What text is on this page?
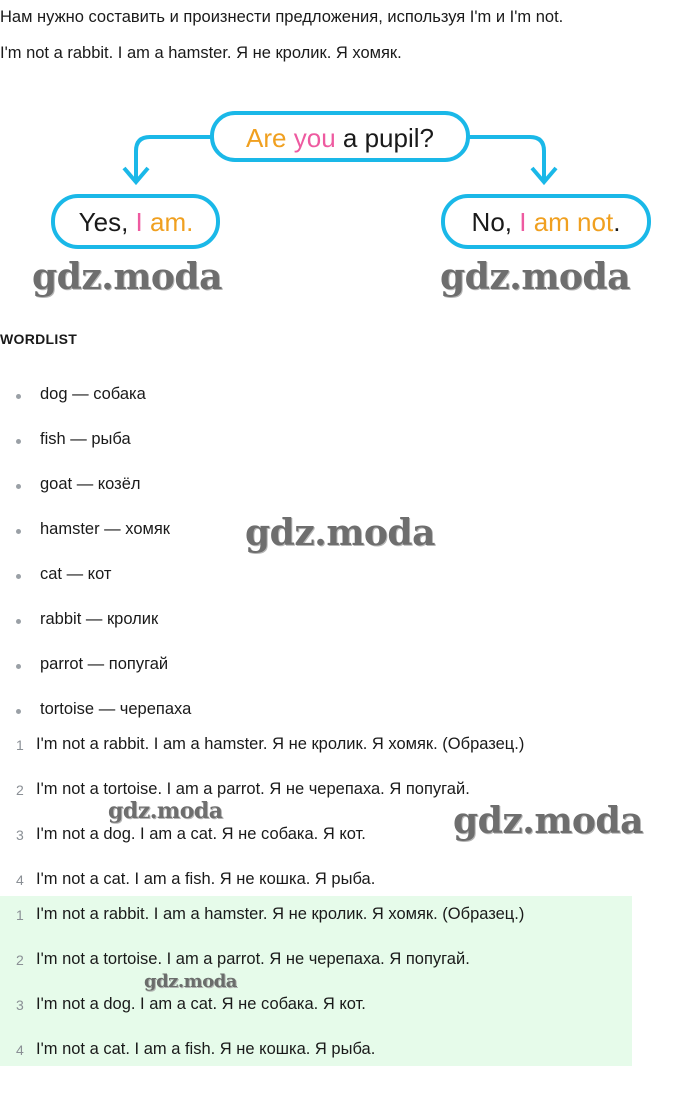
Нам нужно составить и произнести предложения, используя I'm и I'm not.
I'm not a rabbit. I am a hamster. Я не кролик. Я хомяк.
Are you a pupil?
Yes, I am.	No, I am not.
gdz.moda	gdz.moda
WORDLIST
dog — собака
fish — рыба
goat — козёл
hamster — хомяк
cat — кот
rabbit — кролик
parrot — попугай
tortoise — черепаха
gdz.moda
1 I'm not a rabbit. I am a hamster. Я не кролик. Я хомяк. (Образец.)
2 I'm not a tortoise. I am a parrot. Я не черепаха. Я попугай.
3 I'm not a dog. I am a cat. Я не собака. Я кот.
4 I'm not a cat. I am a fish. Я не кошка. Я рыба.
gdz.moda	gdz.moda
1 I'm not a rabbit. I am a hamster. Я не кролик. Я хомяк. (Образец.)
2 I'm not a tortoise. I am a parrot. Я не черепаха. Я попугай.
3 I'm not a dog. I am a cat. Я не собака. Я кот.
4 I'm not a cat. I am a fish. Я не кошка. Я рыба.
gdz.moda
